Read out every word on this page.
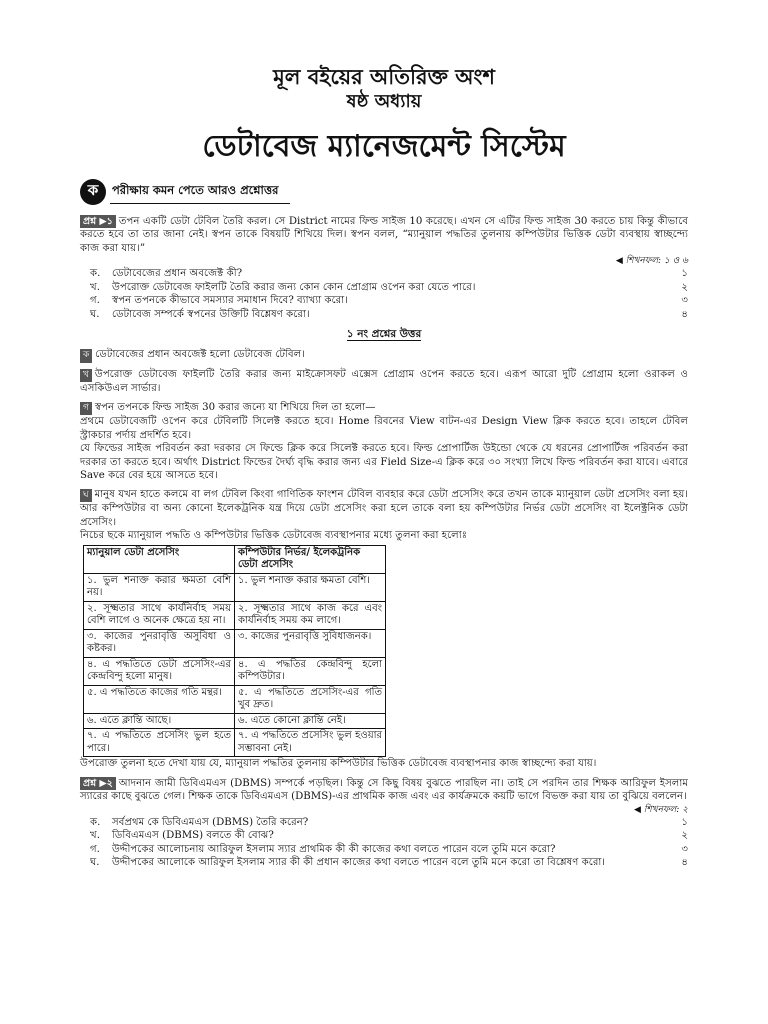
মূল বইয়ের অতিরিক্ত অংশ

ষষ্ঠ অধ্যায়

ডেটাবেজ ম্যানেজমেন্ট সিস্টেম

ক	পরীক্ষায় কমন পেতে আরও প্রশ্নোত্তর

প্রশ্ন ▶১ তপন একটি ডেটা টেবিল তৈরি করল। সে District নামের ফিল্ড সাইজ 10 করেছে। এখন সে এটির ফিল্ড সাইজ 30 করতে চায় কিন্তু কীভাবে করতে হবে তা তার জানা নেই। স্বপন তাকে বিষয়টি শিখিয়ে দিল। স্বপন বলল, “ম্যানুয়াল পদ্ধতির তুলনায় কম্পিউটার ভিত্তিক ডেটা ব্যবস্থায় স্বাচ্ছন্দ্যে কাজ করা যায়।”

◀ শিখনফল: ১ ও ৬

ক.	ডেটাবেজের প্রধান অবজেক্ট কী?	১
খ.	উপরোক্ত ডেটাবেজ ফাইলটি তৈরি করার জন্য কোন কোন প্রোগ্রাম ওপেন করা যেতে পারে।	২
গ.	স্বপন তপনকে কীভাবে সমস্যার সমাধান দিবে? ব্যাখ্যা করো।	৩
ঘ.	ডেটাবেজ সম্পর্কে স্বপনের উক্তিটি বিশ্লেষণ করো।	৪
১ নং প্রশ্নের উত্তর

ক ডেটাবেজের প্রধান অবজেক্ট হলো ডেটাবেজ টেবিল।

খ উপরোক্ত ডেটাবেজ ফাইলটি তৈরি করার জন্য মাইক্রোসফট এক্সেস প্রোগ্রাম ওপেন করতে হবে। এরূপ আরো দুটি প্রোগ্রাম হলো ওরাকল ও এসকিউএল সার্ভার।

গ স্বপন তপনকে ফিল্ড সাইজ 30 করার জন্যে যা শিখিয়ে দিল তা হলো—

প্রথমে ডেটাবেজটি ওপেন করে টেবিলটি সিলেক্ট করতে হবে। Home রিবনের View বাটন-এর Design View ক্লিক করতে হবে। তাহলে টেবিল স্ট্রাকচার পর্দায় প্রদর্শিত হবে।

যে ফিল্ডের সাইজ পরিবর্তন করা দরকার সে ফিল্ডে ক্লিক করে সিলেক্ট করতে হবে। ফিল্ড প্রোপার্টিজ উইন্ডো থেকে যে ধরনের প্রোপার্টিজ পরিবর্তন করা দরকার তা করতে হবে। অর্থাৎ District ফিল্ডের দৈর্ঘ্য বৃদ্ধি করার জন্য এর Field Size-এ ক্লিক করে ৩০ সংখ্যা লিখে ফিল্ড পরিবর্তন করা যাবে। এবারে Save করে বের হয়ে আসতে হবে।

ঘ মানুষ যখন হাতে কলমে বা লগ টেবিল কিংবা গাণিতিক ফাংশন টেবিল ব্যবহার করে ডেটা প্রসেসিং করে তখন তাকে ম্যানুয়াল ডেটা প্রসেসিং বলা হয়। আর কম্পিউটার বা অন্য কোনো ইলেকট্রনিক যন্ত্র দিয়ে ডেটা প্রসেসিং করা হলে তাকে বলা হয় কম্পিউটার নির্ভর ডেটা প্রসেসিং বা ইলেক্ট্রনিক ডেটা প্রসেসিং।

নিচের ছকে ম্যানুয়াল পদ্ধতি ও কম্পিউটার ভিত্তিক ডেটাবেজ ব্যবস্থাপনার মধ্যে তুলনা করা হলোঃ

ম্যানুয়াল ডেটা প্রসেসিং	কম্পিউটার নির্ভর/ ইলেকট্রনিক ডেটা প্রসেসিং
১. ভুল শনাক্ত করার ক্ষমতা বেশি নয়।	১. ভুল শনাক্ত করার ক্ষমতা বেশি।
২. সূক্ষ্মতার সাথে কার্যনির্বাহ সময় বেশি লাগে ও অনেক ক্ষেত্রে হয় না।	২. সূক্ষ্মতার সাথে কাজ করে এবং কার্যনির্বাহ সময় কম লাগে।
৩. কাজের পুনরাবৃত্তি অসুবিধা ও কষ্টকর।	৩. কাজের পুনরাবৃত্তি সুবিধাজনক।
৪. এ পদ্ধতিতে ডেটা প্রসেসিং-এর কেন্দ্রবিন্দু হলো মানুষ।	৪. এ পদ্ধতির কেন্দ্রবিন্দু হলো কম্পিউটার।
৫. এ পদ্ধতিতে কাজের গতি মন্থর।	৫. এ পদ্ধতিতে প্রসেসিং-এর গতি খুব দ্রুত।
৬. এতে ক্লান্তি আছে।	৬. এতে কোনো ক্লান্তি নেই।
৭. এ পদ্ধতিতে প্রসেসিং ভুল হতে পারে।	৭. এ পদ্ধতিতে প্রসেসিং ভুল হওয়ার সম্ভাবনা নেই।

উপরোক্ত তুলনা হতে দেখা যায় যে, ম্যানুয়াল পদ্ধতির তুলনায় কম্পিউটার ভিত্তিক ডেটাবেজ ব্যবস্থাপনার কাজ স্বাচ্ছন্দ্যে করা যায়।

প্রশ্ন ▶২ আদনান জামী ডিবিএমএস (DBMS) সম্পর্কে পড়ছিল। কিন্তু সে কিছু বিষয় বুঝতে পারছিল না। তাই সে পরদিন তার শিক্ষক আরিফুল ইসলাম স্যারের কাছে বুঝতে গেল। শিক্ষক তাকে ডিবিএমএস (DBMS)-এর প্রাথমিক কাজ এবং এর কার্যক্রমকে কয়টি ভাগে বিভক্ত করা যায় তা বুঝিয়ে বললেন।

◀ শিখনফল: ২

ক.	সর্বপ্রথম কে ডিবিএমএস (DBMS) তৈরি করেন?	১
খ.	ডিবিএমএস (DBMS) বলতে কী বোঝ?	২
গ.	উদ্দীপকের আলোচনায় আরিফুল ইসলাম স্যার প্রাথমিক কী কী কাজের কথা বলতে পারেন বলে তুমি মনে করো?	৩
ঘ.	উদ্দীপকের আলোকে আরিফুল ইসলাম স্যার কী কী প্রধান কাজের কথা বলতে পারেন বলে তুমি মনে করো তা বিশ্লেষণ করো।	৪
